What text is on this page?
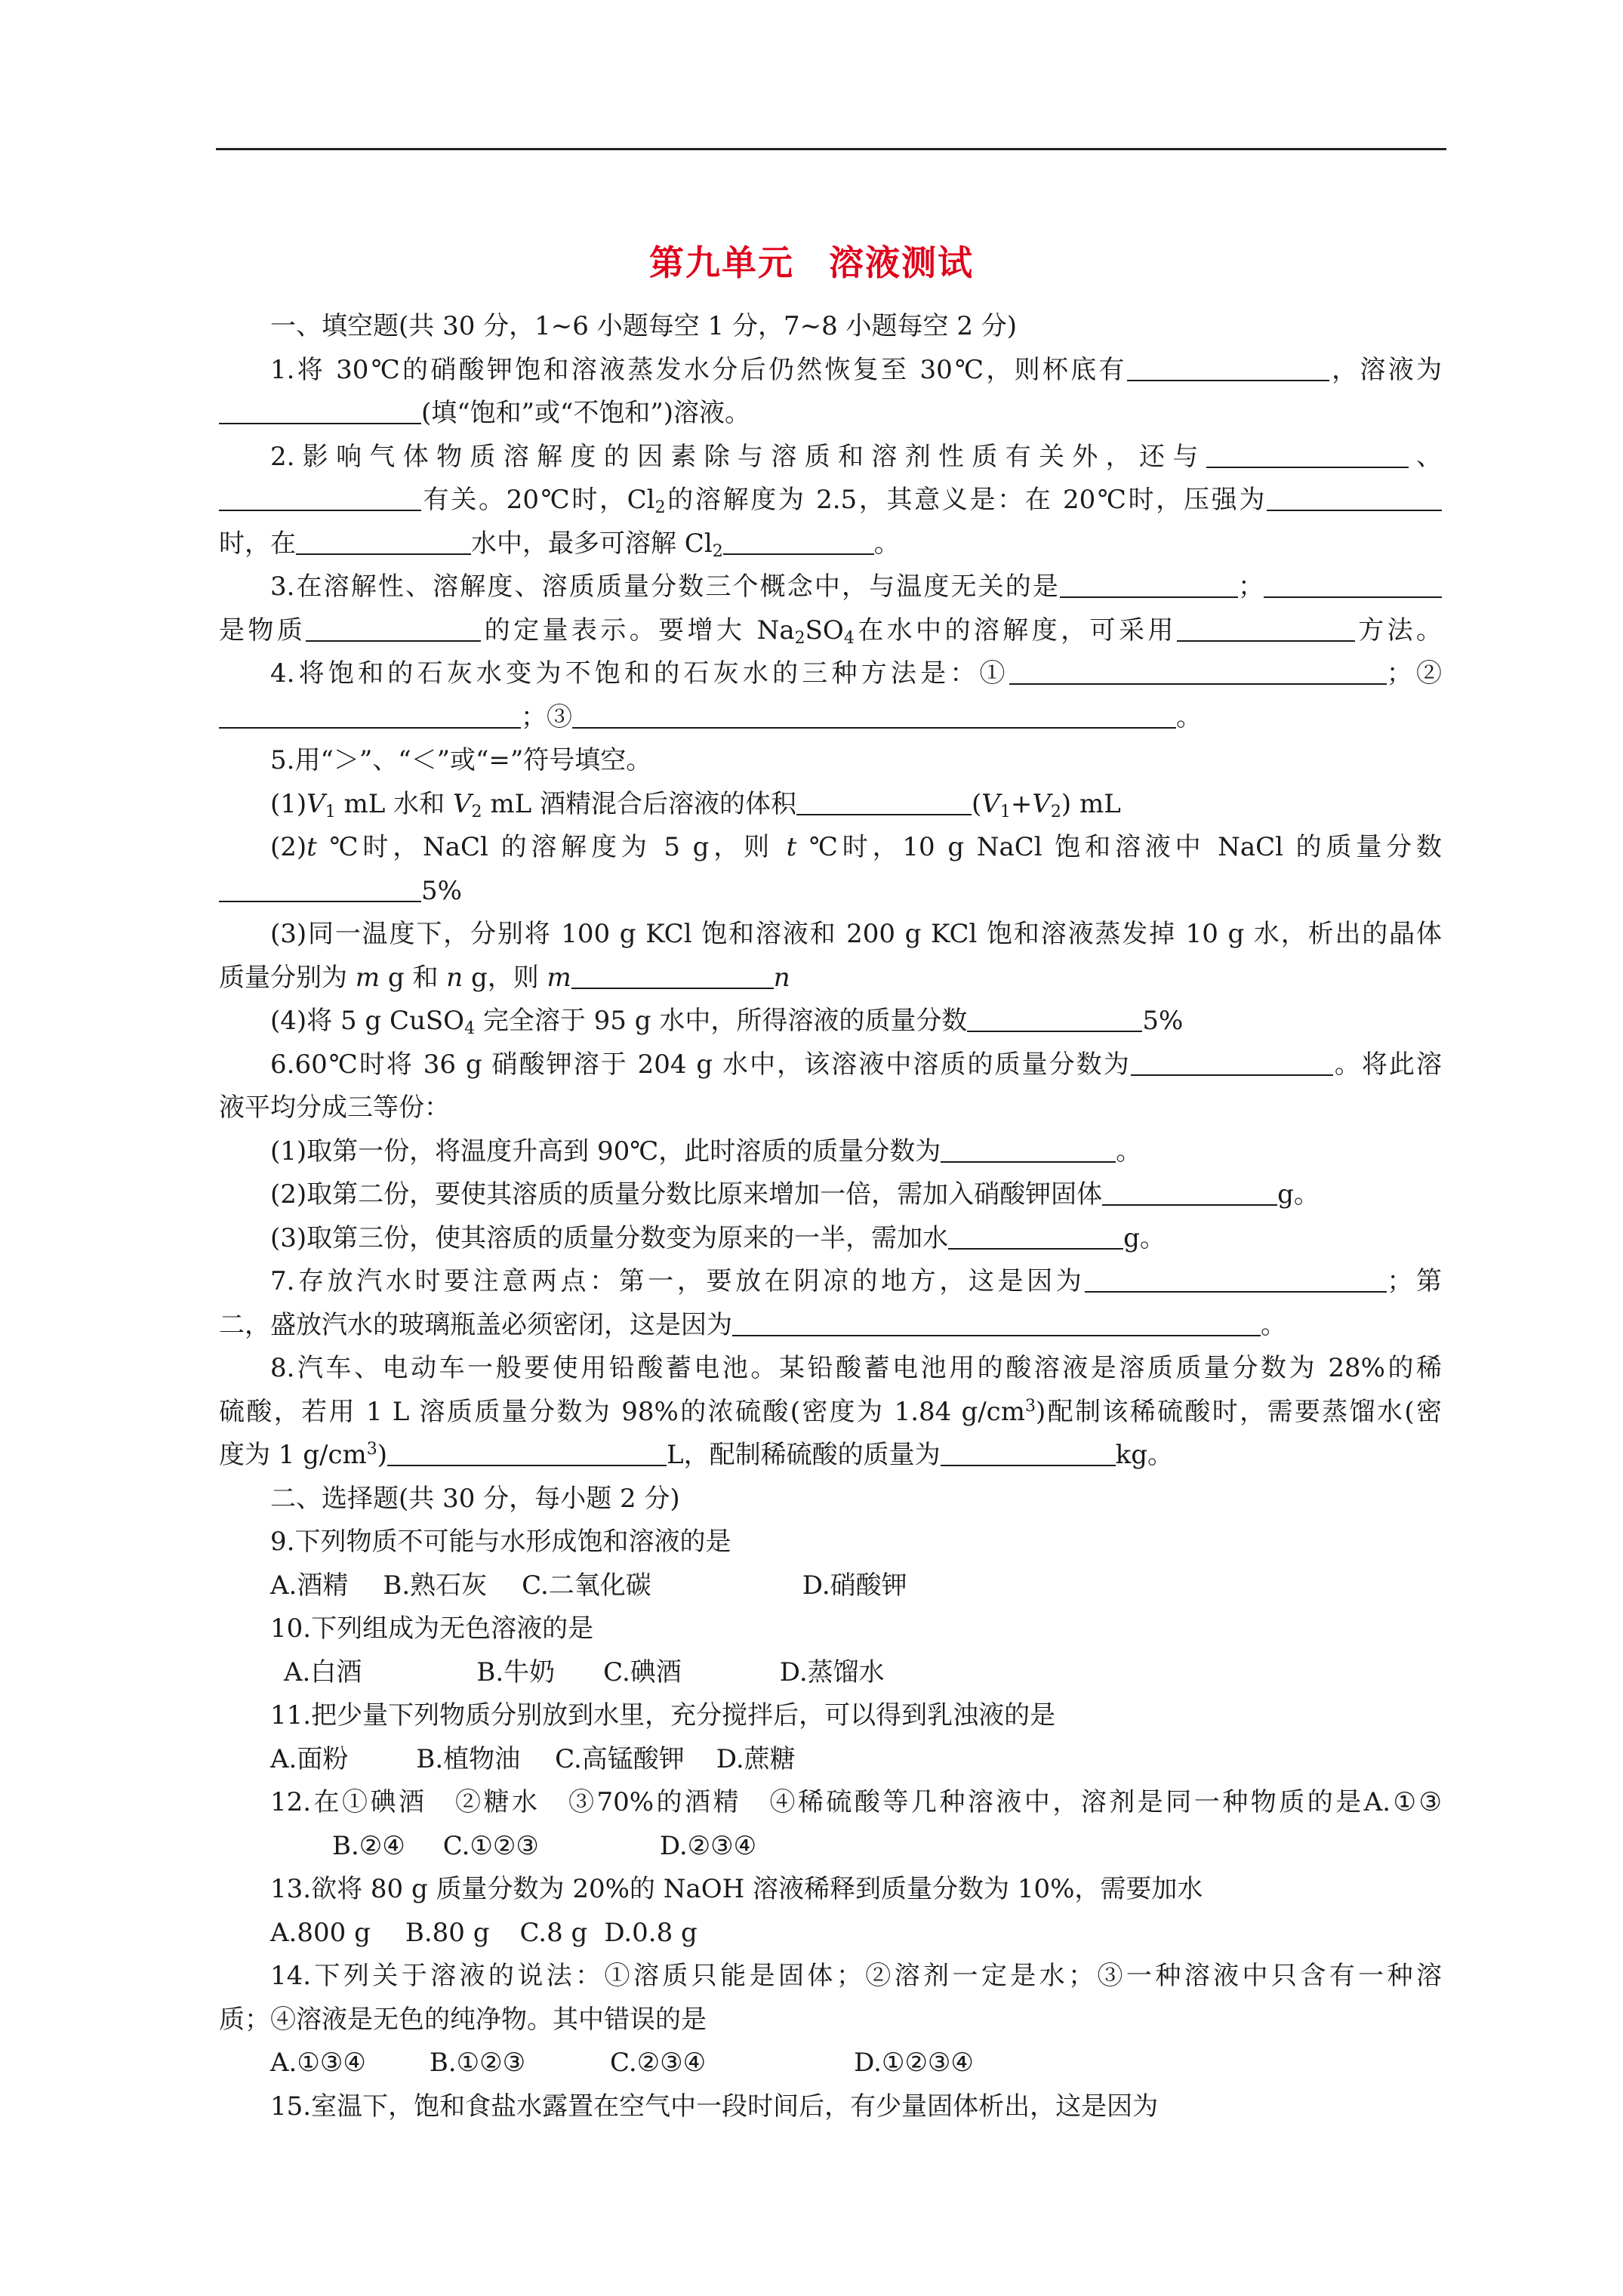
第九单元 溶液测试
一、填空题(共 30 分，1~6 小题每空 1 分，7~8 小题每空 2 分)
1.将 30℃的硝酸钾饱和溶液蒸发水分后仍然恢复至 30℃，则杯底有	，溶液为
(填“饱和”或“不饱和”)溶液。
2.影响气体物质溶解度的因素除与溶质和溶剂性质有关外，还与	、
有关。20℃时，$Cl_2$的溶解度为 2.5，其意义是：在 20℃时，压强为
时，在	水中，最多可溶解 $Cl_2$	。
3.在溶解性、溶解度、溶质质量分数三个概念中，与温度无关的是	；
是物质	的定量表示。要增大 $Na_2SO_4$在水中的溶解度，可采用	方法。
4.将饱和的石灰水变为不饱和的石灰水的三种方法是：①	；②
；③	。
5.用“＞”、“＜”或“=”符号填空。
$(1)V_1$ mL 水和 $V_2$ mL 酒精混合后溶液的体积	$(V_1+V_2)$ mL
(2)t ℃时，NaCl 的溶解度为 5 g，则 t ℃时，10 g NaCl 饱和溶液中 NaCl 的质量分数
5%
(3)同一温度下，分别将 100 g KCl 饱和溶液和 200 g KCl 饱和溶液蒸发掉 10 g 水，析出的晶体
质量分别为 m g 和 n g，则 m	n
(4)将 5 g CuSO$_4$ 完全溶于 95 g 水中，所得溶液的质量分数	5%
6.60℃时将 36 g 硝酸钾溶于 204 g 水中，该溶液中溶质的质量分数为	。将此溶
液平均分成三等份：
(1)取第一份，将温度升高到 90℃，此时溶质的质量分数为	。
(2)取第二份，要使其溶质的质量分数比原来增加一倍，需加入硝酸钾固体	g。
(3)取第三份，使其溶质的质量分数变为原来的一半，需加水	g。
7.存放汽水时要注意两点：第一，要放在阴凉的地方，这是因为	；第
二，盛放汽水的玻璃瓶盖必须密闭，这是因为	。
8.汽车、电动车一般要使用铅酸蓄电池。某铅酸蓄电池用的酸溶液是溶质质量分数为 28%的稀
硫酸，若用 1 L 溶质质量分数为 98%的浓硫酸(密度为 1.84 $g/cm^3$)配制该稀硫酸时，需要蒸馏水(密
度为 1 $g/cm^3$)	L，配制稀硫酸的质量为	kg。
二、选择题(共 30 分，每小题 2 分)
9.下列物质不可能与水形成饱和溶液的是
A.酒精 B.熟石灰 C.二氧化碳	D.硝酸钾
10.下列组成为无色溶液的是
A.白酒	B.牛奶 C.碘酒	D.蒸馏水
11.把少量下列物质分别放到水里，充分搅拌后，可以得到乳浊液的是
A.面粉	B.植物油 C.高锰酸钾 D.蔗糖
12.在①碘酒　②糖水　③70%的酒精　④稀硫酸等几种溶液中，溶剂是同一种物质的是A.①③
B.②④ C.①②③	D.②③④
13.欲将 80 g 质量分数为 20%的 NaOH 溶液稀释到质量分数为 10%，需要加水
A.800 g B.80 g C.8 g D.0.8 g
14.下列关于溶液的说法：①溶质只能是固体；②溶剂一定是水；③一种溶液中只含有一种溶
质；④溶液是无色的纯净物。其中错误的是
A.①③④ B.①②③	C.②③④	D.①②③④
15.室温下，饱和食盐水露置在空气中一段时间后，有少量固体析出，这是因为
